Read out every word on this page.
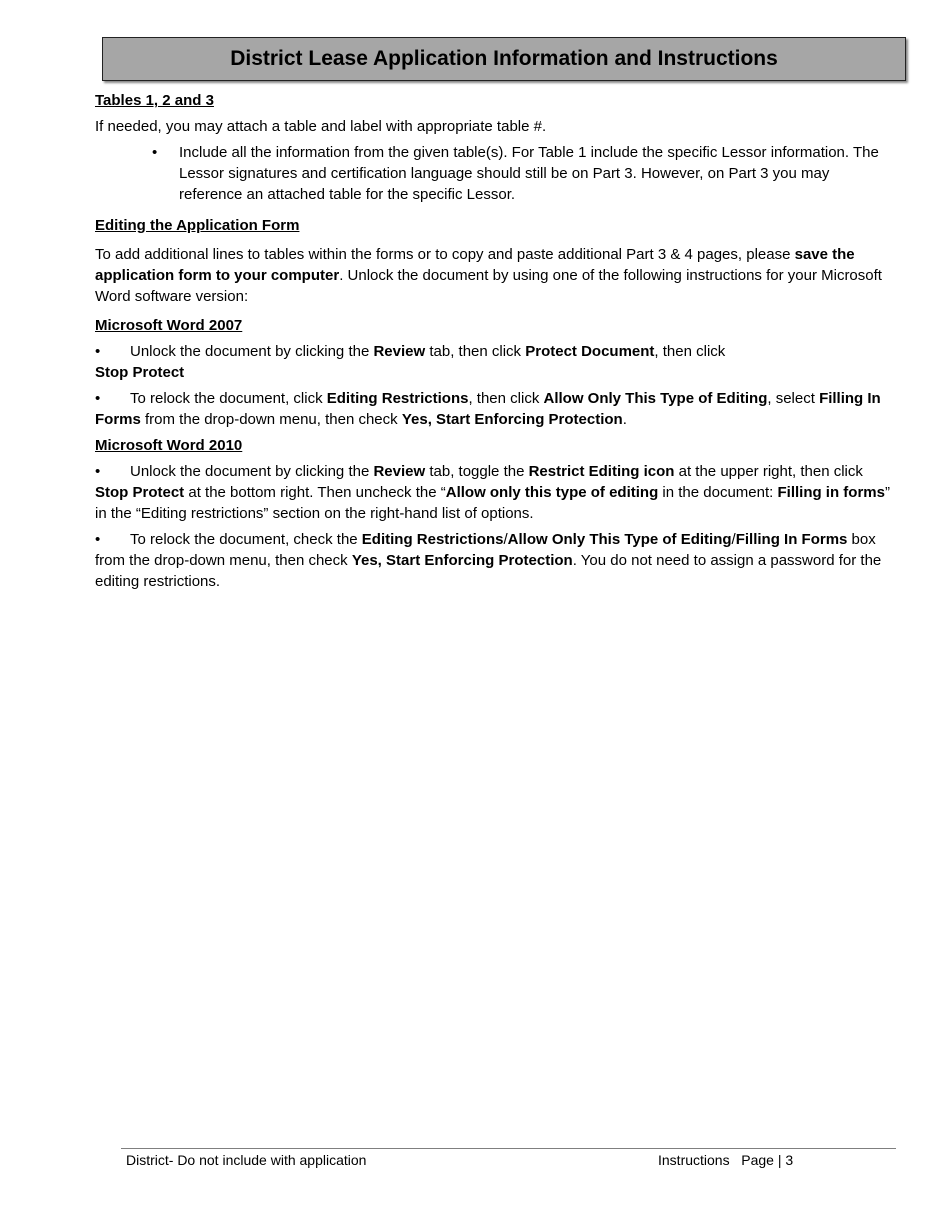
District Lease Application Information and Instructions

Tables 1, 2 and 3

If needed, you may attach a table and label with appropriate table #.

• Include all the information from the given table(s). For Table 1 include the specific Lessor information. The Lessor signatures and certification language should still be on Part 3. However, on Part 3 you may reference an attached table for the specific Lessor.

Editing the Application Form

To add additional lines to tables within the forms or to copy and paste additional Part 3 & 4 pages, please save the application form to your computer. Unlock the document by using one of the following instructions for your Microsoft Word software version:

Microsoft Word 2007

• Unlock the document by clicking the Review tab, then click Protect Document, then click
Stop Protect

• To relock the document, click Editing Restrictions, then click Allow Only This Type of Editing, select Filling In Forms from the drop-down menu, then check Yes, Start Enforcing Protection.

Microsoft Word 2010

• Unlock the document by clicking the Review tab, toggle the Restrict Editing icon at the upper right, then click Stop Protect at the bottom right. Then uncheck the “Allow only this type of editing in the document: Filling in forms” in the “Editing restrictions” section on the right-hand list of options.

• To relock the document, check the Editing Restrictions/Allow Only This Type of Editing/Filling In Forms box from the drop-down menu, then check Yes, Start Enforcing Protection. You do not need to assign a password for the editing restrictions.

District- Do not include with application	Instructions   Page | 3
